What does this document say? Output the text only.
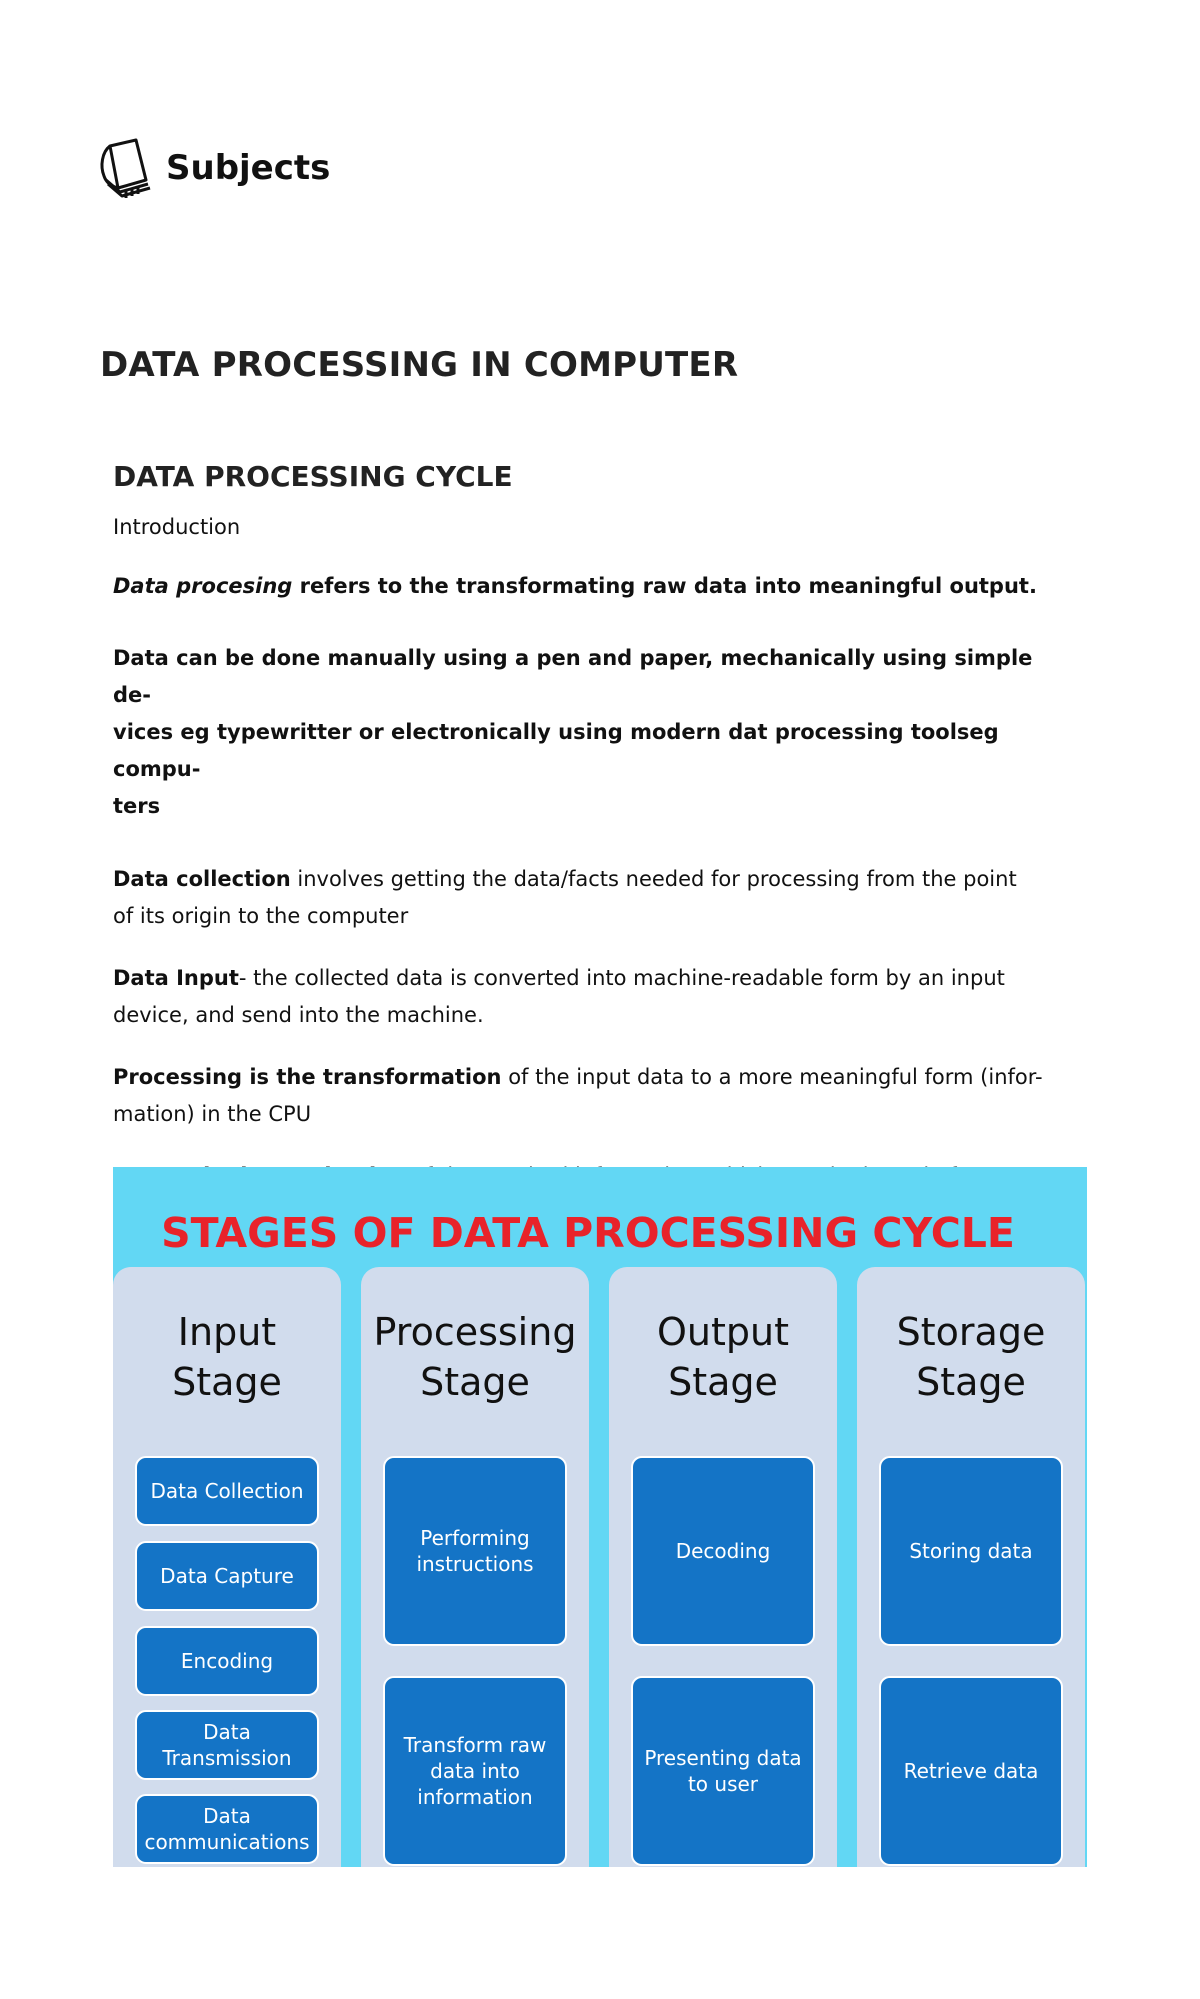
Subjects
DATA PROCESSING IN COMPUTER
DATA PROCESSING CYCLE

Introduction

Data procesing refers to the transformating raw data into meaningful output.

Data can be done manually using a pen and paper, mechanically using simple de-
vices eg typewritter or electronically using modern dat processing toolseg compu-
ters

Data collection involves getting the data/facts needed for processing from the point
of its origin to the computer

Data Input- the collected data is converted into machine-readable form by an input
device, and send into the machine.

Processing is the transformation of the input data to a more meaningful form (infor-
mation) in the CPU

STAGES OF DATA PROCESSING CYCLE
Input
Stage
Data Collection
Data Capture
Encoding
Data
Transmission
Data
communications
Processing
Stage
Performing
instructions
Transform raw
data into
information
Output
Stage
Decoding
Presenting data
to user
Storage
Stage
Storing data
Retrieve data
